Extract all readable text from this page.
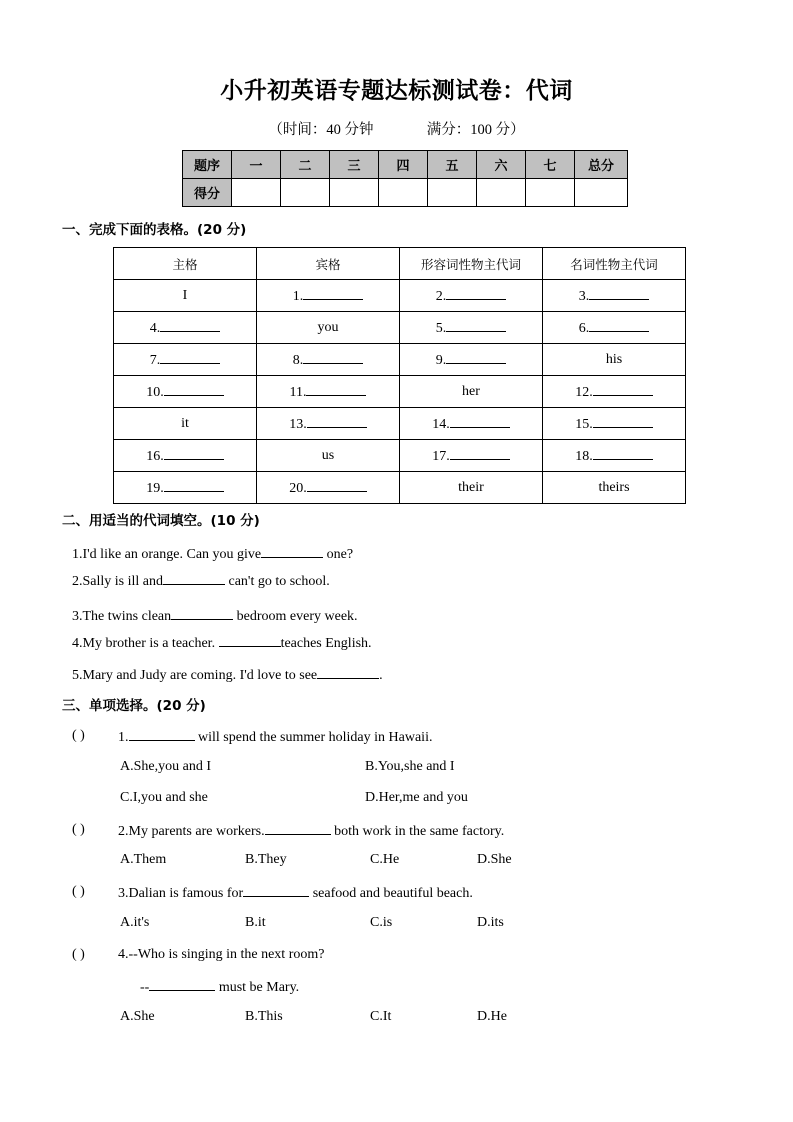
小升初英语专题达标测试卷：代词
（时间：40 分钟	满分：100 分）
题序	一	二	三	四	五	六	七	总分
得分								
一、完成下面的表格。(20 分)
主格	宾格	形容词性物主代词	名词性物主代词
I	1.	2.	3.
4.	you	5.	6.
7.	8.	9.	his
10.	11.	her	12.
it	13.	14.	15.
16.	us	17.	18.
19.	20.	their	theirs
二、用适当的代词填空。(10 分)
1.I'd like an orange. Can you give	one?
2.Sally is ill and	can't go to school.
3.The twins clean	bedroom every week.
4.My brother is a teacher.	teaches English.
5.Mary and Judy are coming. I'd love to see	.
三、单项选择。(20 分)
( ) 1.	will spend the summer holiday in Hawaii.
A.She,you and I	B.You,she and I
C.I,you and she	D.Her,me and you
( ) 2.My parents are workers.	both work in the same factory.
A.Them	B.They	C.He	D.She
( ) 3.Dalian is famous for	seafood and beautiful beach.
A.it's	B.it	C.is	D.its
( ) 4.--Who is singing in the next room?
--	must be Mary.
A.She	B.This	C.It	D.He
